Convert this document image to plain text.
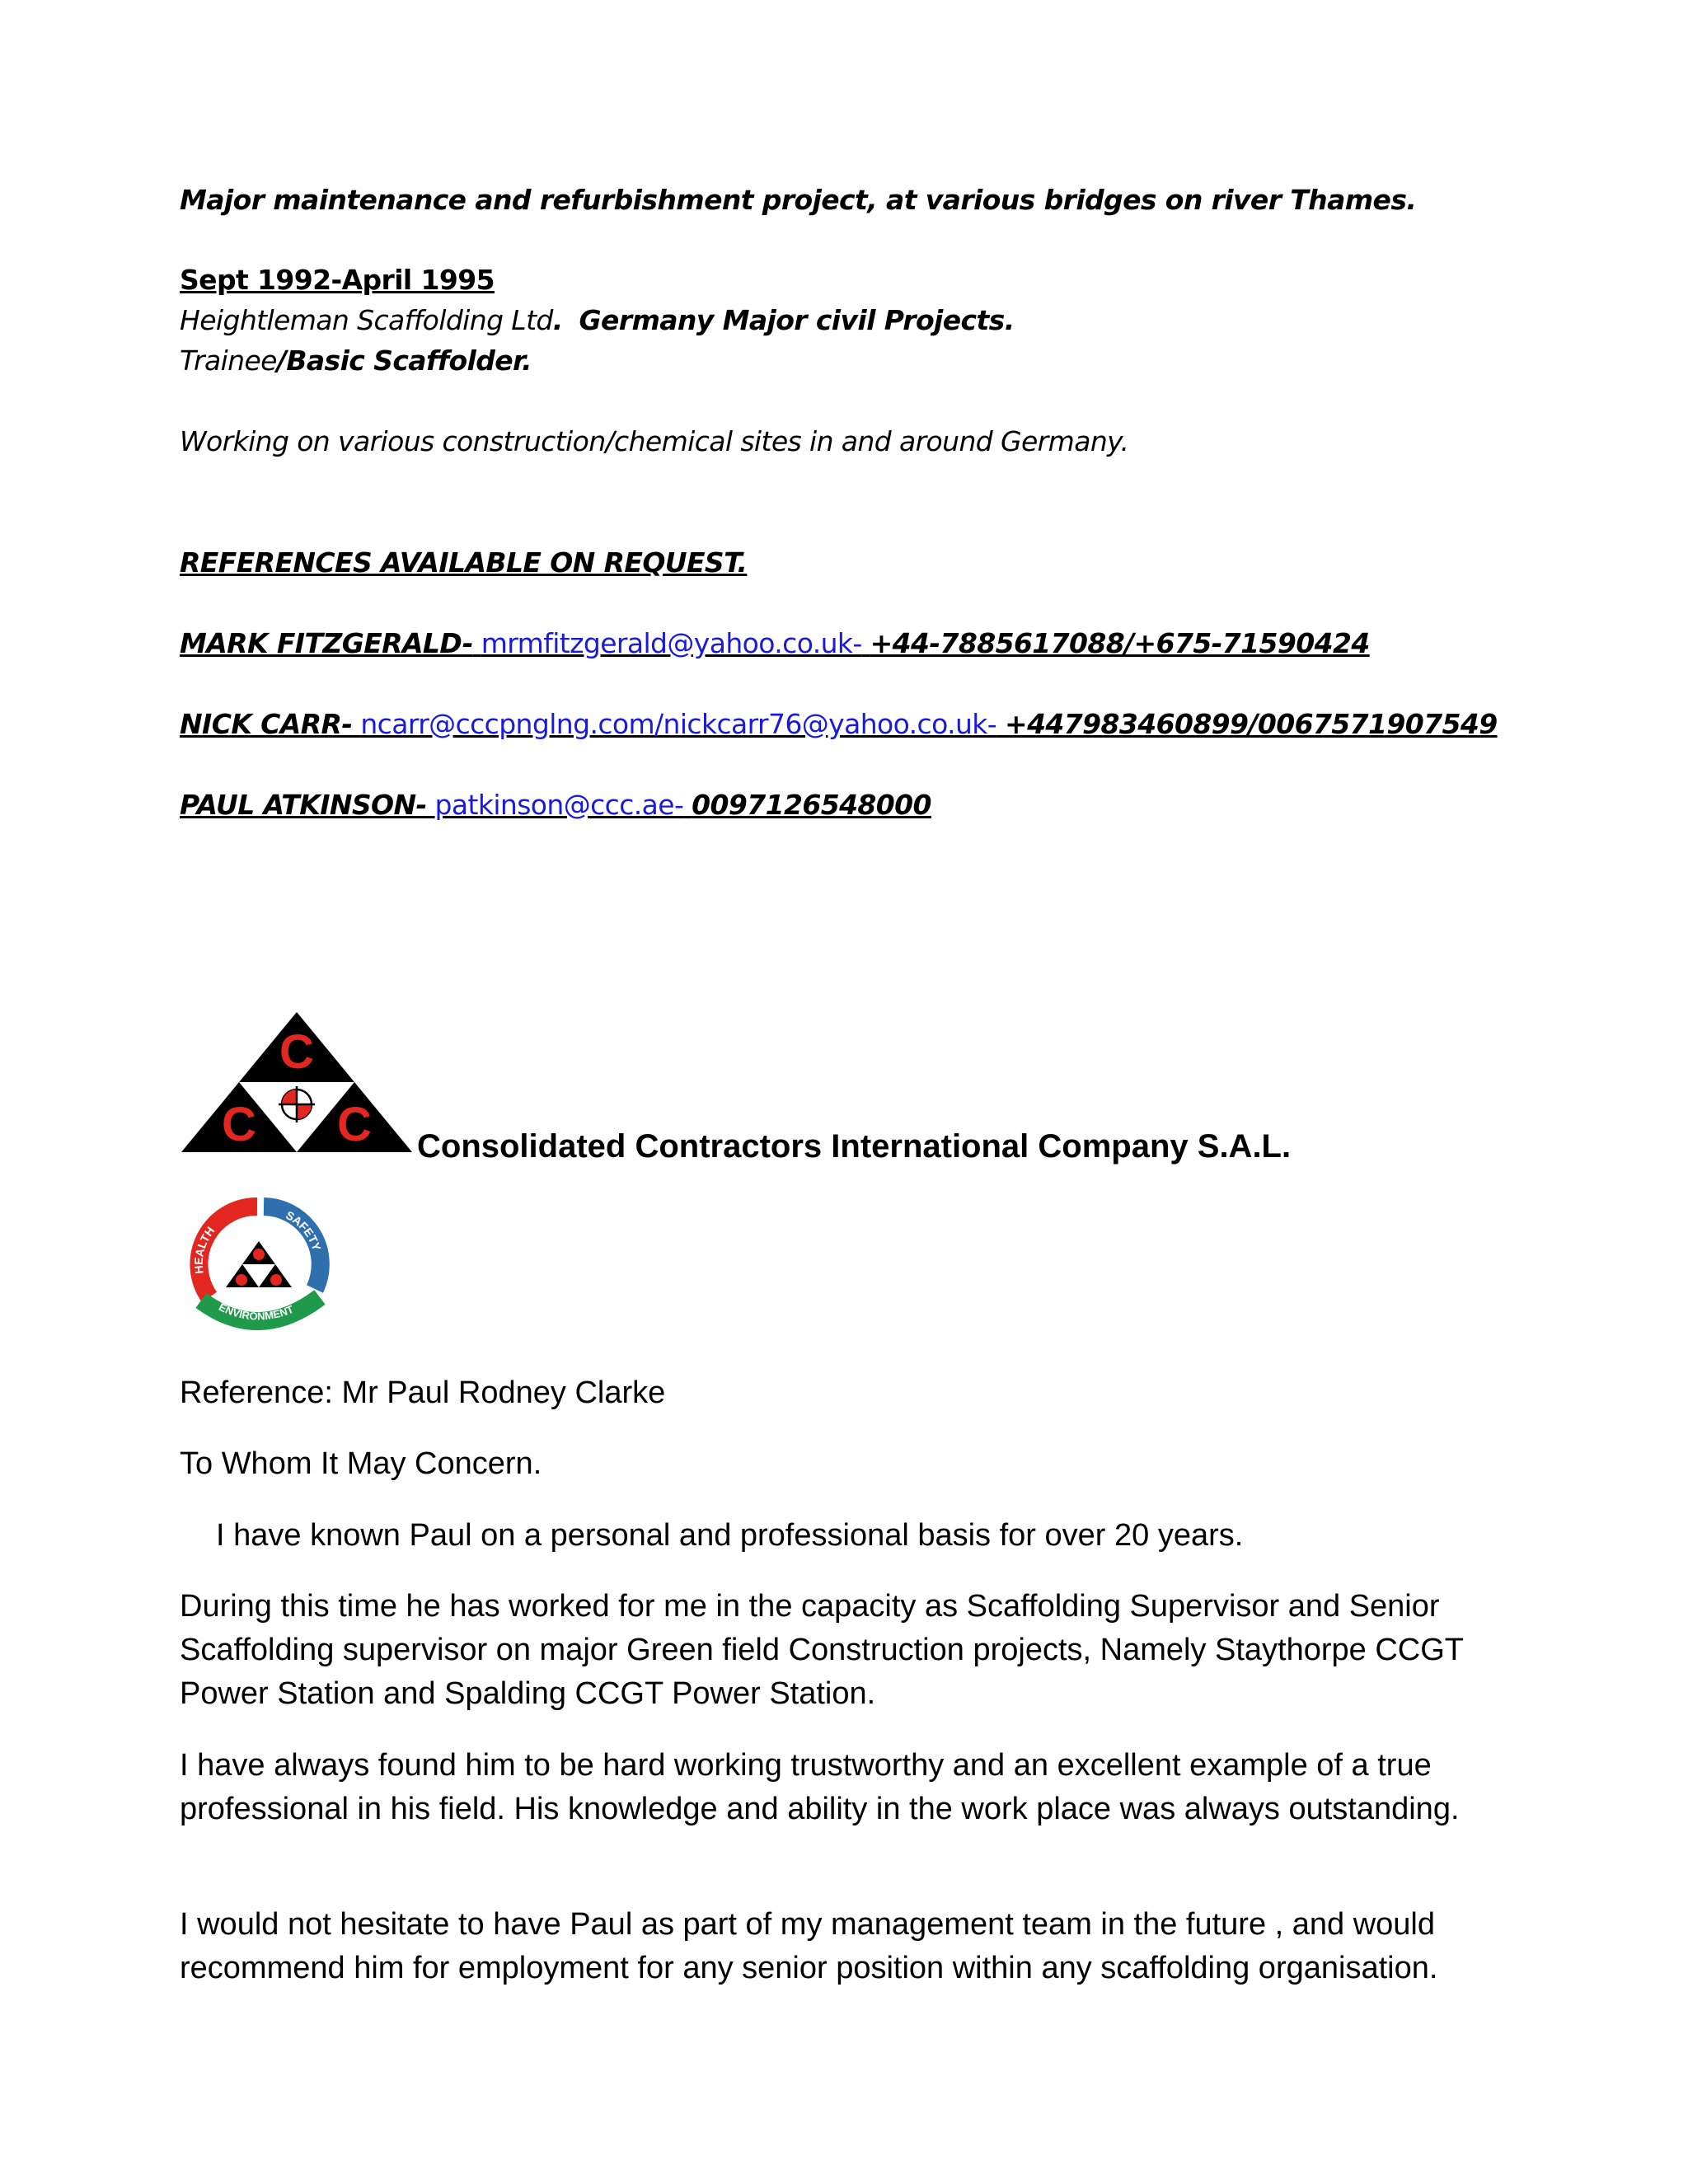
Major maintenance and refurbishment project, at various bridges on river Thames.

Sept 1992-April 1995

Heightleman Scaffolding Ltd. Germany Major civil Projects.

Trainee/Basic Scaffolder.

Working on various construction/chemical sites in and around Germany.

REFERENCES AVAILABLE ON REQUEST.

MARK FITZGERALD- mrmfitzgerald@yahoo.co.uk- +44-7885617088/+675-71590424

NICK CARR- ncarr@cccpnglng.com/nickcarr76@yahoo.co.uk- +447983460899/0067571907549

PAUL ATKINSON- patkinson@ccc.ae- 0097126548000

C
C C Consolidated Contractors International Company S.A.L.
HEALTH
SAFETY
ENVIRONMENT

Reference: Mr Paul Rodney Clarke

To Whom It May Concern.

I have known Paul on a personal and professional basis for over 20 years.

During this time he has worked for me in the capacity as Scaffolding Supervisor and Senior Scaffolding supervisor on major Green field Construction projects, Namely Staythorpe CCGT Power Station and Spalding CCGT Power Station.

I have always found him to be hard working trustworthy and an excellent example of a true professional in his field. His knowledge and ability in the work place was always outstanding.

I would not hesitate to have Paul as part of my management team in the future , and would recommend him for employment for any senior position within any scaffolding organisation.
